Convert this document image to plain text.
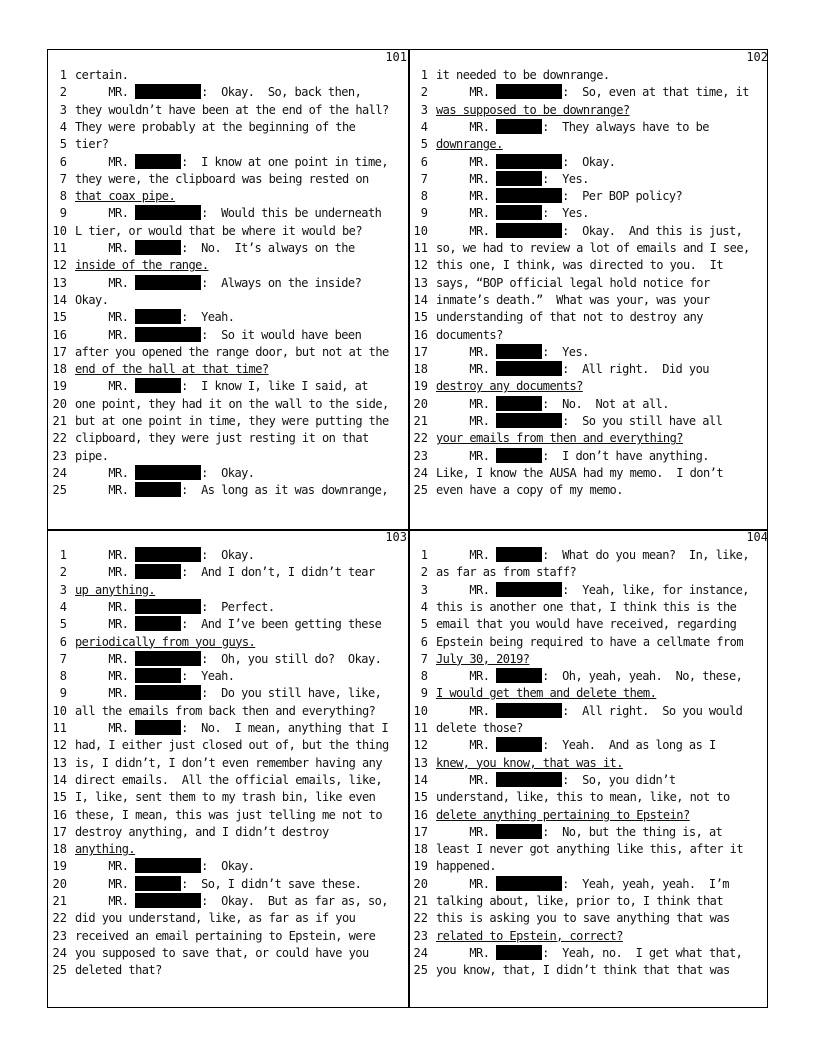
101
1 certain.
2     MR.	:  Okay.  So, back then,
3 they wouldn’t have been at the end of the hall?
4 They were probably at the beginning of the
5 tier?
6     MR.	:  I know at one point in time,
7 they were, the clipboard was being rested on
8 that coax pipe.
9     MR.	:  Would this be underneath
10 L tier, or would that be where it would be?
11     MR.	:  No.  It’s always on the
12 inside of the range.
13     MR.	:  Always on the inside?
14 Okay.
15     MR.	:  Yeah.
16     MR.	:  So it would have been
17 after you opened the range door, but not at the
18 end of the hall at that time?
19     MR.	:  I know I, like I said, at
20 one point, they had it on the wall to the side,
21 but at one point in time, they were putting the
22 clipboard, they were just resting it on that
23 pipe.
24     MR.	:  Okay.
25     MR.	:  As long as it was downrange,
102
1 it needed to be downrange.
2     MR.	:  So, even at that time, it
3 was supposed to be downrange?
4     MR.	:  They always have to be
5 downrange.
6     MR.	:  Okay.
7     MR.	:  Yes.
8     MR.	:  Per BOP policy?
9     MR.	:  Yes.
10     MR.	:  Okay.  And this is just,
11 so, we had to review a lot of emails and I see,
12 this one, I think, was directed to you.  It
13 says, “BOP official legal hold notice for
14 inmate’s death.”  What was your, was your
15 understanding of that not to destroy any
16 documents?
17     MR.	:  Yes.
18     MR.	:  All right.  Did you
19 destroy any documents?
20     MR.	:  No.  Not at all.
21     MR.	:  So you still have all
22 your emails from then and everything?
23     MR.	:  I don’t have anything.
24 Like, I know the AUSA had my memo.  I don’t
25 even have a copy of my memo.
103
1     MR.	:  Okay.
2     MR.	:  And I don’t, I didn’t tear
3 up anything.
4     MR.	:  Perfect.
5     MR.	:  And I’ve been getting these
6 periodically from you guys.
7     MR.	:  Oh, you still do?  Okay.
8     MR.	:  Yeah.
9     MR.	:  Do you still have, like,
10 all the emails from back then and everything?
11     MR.	:  No.  I mean, anything that I
12 had, I either just closed out of, but the thing
13 is, I didn’t, I don’t even remember having any
14 direct emails.  All the official emails, like,
15 I, like, sent them to my trash bin, like even
16 these, I mean, this was just telling me not to
17 destroy anything, and I didn’t destroy
18 anything.
19     MR.	:  Okay.
20     MR.	:  So, I didn’t save these.
21     MR.	:  Okay.  But as far as, so,
22 did you understand, like, as far as if you
23 received an email pertaining to Epstein, were
24 you supposed to save that, or could have you
25 deleted that?
104
1     MR.	:  What do you mean?  In, like,
2 as far as from staff?
3     MR.	:  Yeah, like, for instance,
4 this is another one that, I think this is the
5 email that you would have received, regarding
6 Epstein being required to have a cellmate from
7 July 30, 2019?
8     MR.	:  Oh, yeah, yeah.  No, these,
9 I would get them and delete them.
10     MR.	:  All right.  So you would
11 delete those?
12     MR.	:  Yeah.  And as long as I
13 knew, you know, that was it.
14     MR.	:  So, you didn’t
15 understand, like, this to mean, like, not to
16 delete anything pertaining to Epstein?
17     MR.	:  No, but the thing is, at
18 least I never got anything like this, after it
19 happened.
20     MR.	:  Yeah, yeah, yeah.  I’m
21 talking about, like, prior to, I think that
22 this is asking you to save anything that was
23 related to Epstein, correct?
24     MR.	:  Yeah, no.  I get what that,
25 you know, that, I didn’t think that that was
